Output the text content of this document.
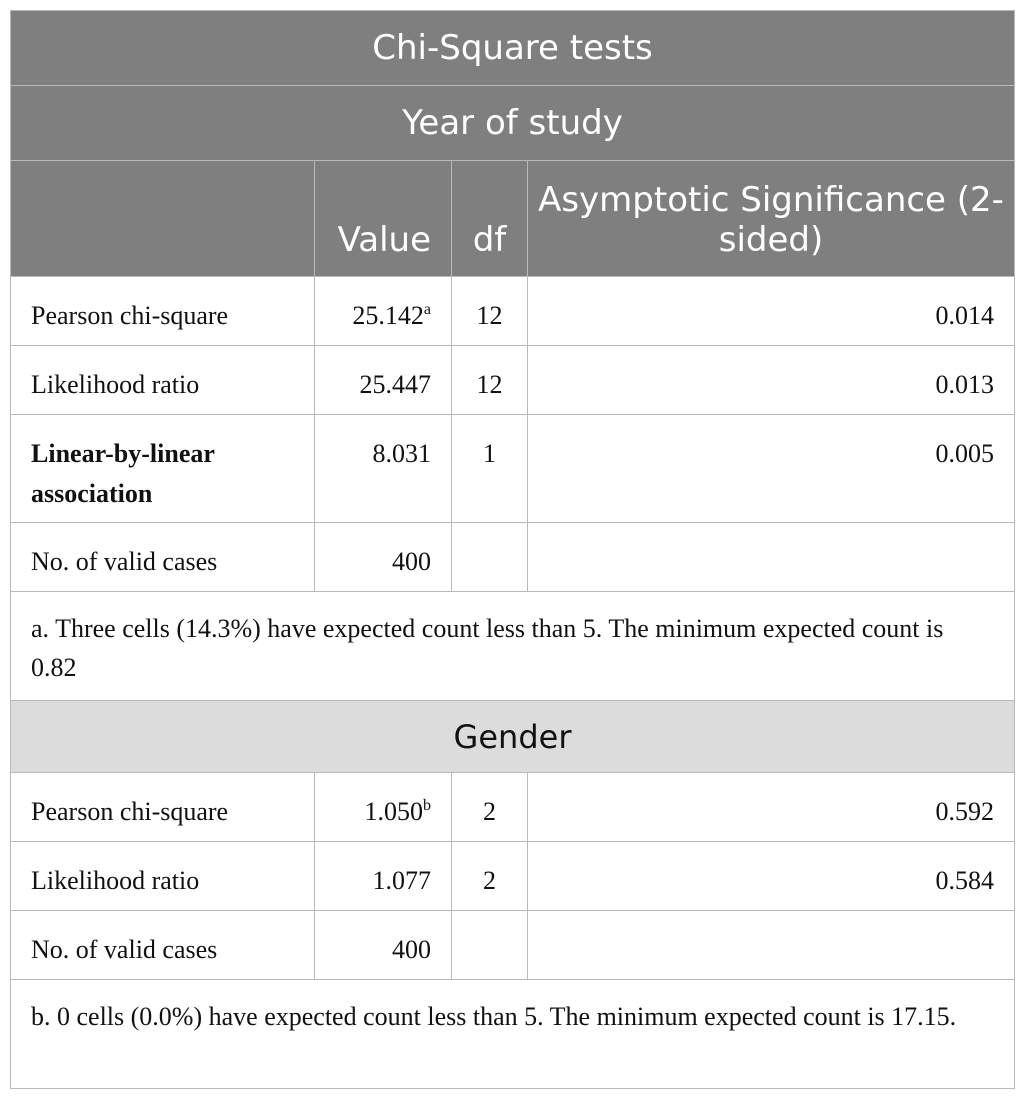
Chi-Square tests			
Year of study			
	Value	df	Asymptotic Significance (2-sided)
Pearson chi-square	25.142$^a$	12	0.014
Likelihood ratio	25.447	12	0.013
Linear-by-linear association	8.031	1	0.005
No. of valid cases	400		
a. Three cells (14.3%) have expected count less than 5. The minimum expected count is 0.82			
Gender			
Pearson chi-square	1.050$^b$	2	0.592
Likelihood ratio	1.077	2	0.584
No. of valid cases	400		
b. 0 cells (0.0%) have expected count less than 5. The minimum expected count is 17.15.			
